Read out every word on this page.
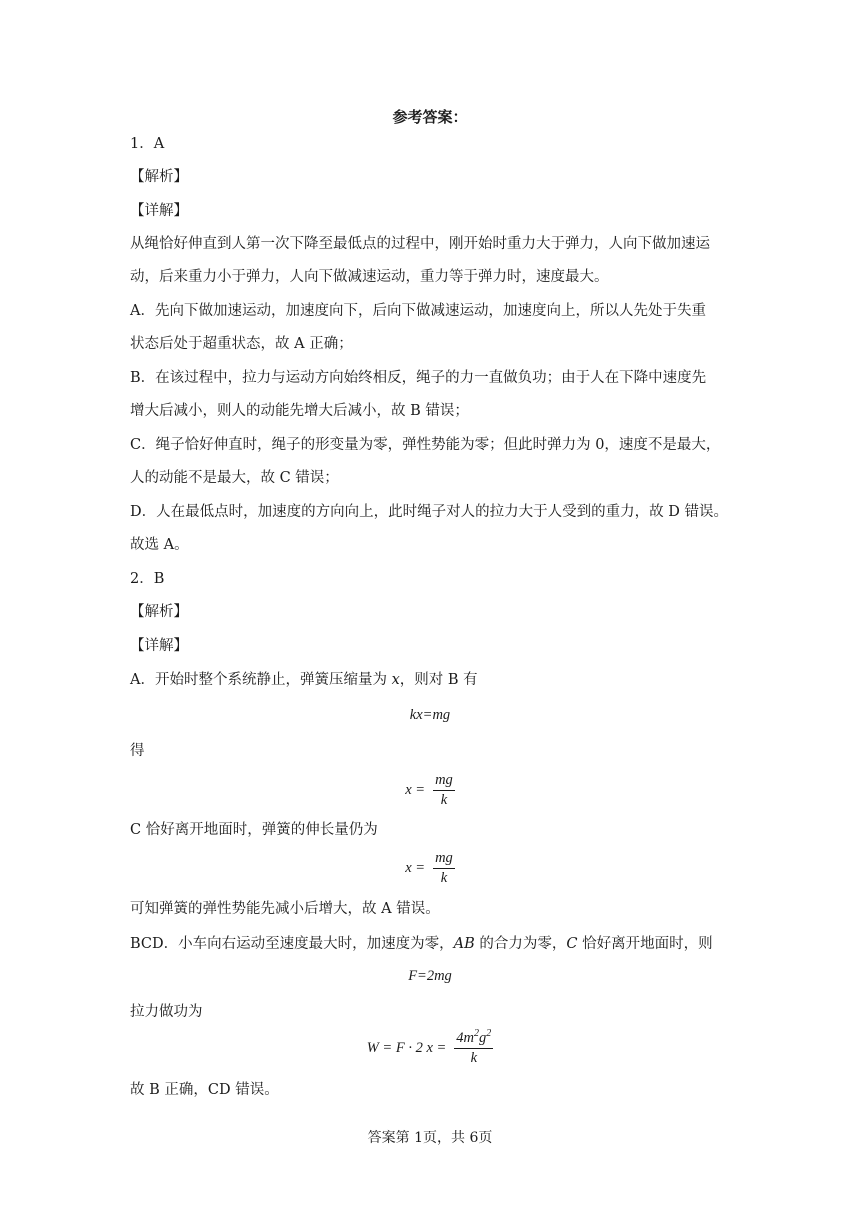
参考答案：
1．A
【解析】
【详解】
从绳恰好伸直到人第一次下降至最低点的过程中，刚开始时重力大于弹力，人向下做加速运
动，后来重力小于弹力，人向下做减速运动，重力等于弹力时，速度最大。
A．先向下做加速运动，加速度向下，后向下做减速运动，加速度向上，所以人先处于失重
状态后处于超重状态，故 A 正确；
B．在该过程中，拉力与运动方向始终相反，绳子的力一直做负功；由于人在下降中速度先
增大后减小，则人的动能先增大后减小，故 B 错误；
C．绳子恰好伸直时，绳子的形变量为零，弹性势能为零；但此时弹力为 0，速度不是最大，
人的动能不是最大，故 C 错误；
D．人在最低点时，加速度的方向向上，此时绳子对人的拉力大于人受到的重力，故 D 错误。
故选 A。
2．B
【解析】
【详解】
A．开始时整个系统静止，弹簧压缩量为 x，则对 B 有
kx=mg
得
$x = \frac{mg}{k}$
C 恰好离开地面时，弹簧的伸长量仍为
$x = \frac{mg}{k}$
可知弹簧的弹性势能先减小后增大，故 A 错误。
BCD．小车向右运动至速度最大时，加速度为零，AB 的合力为零，C 恰好离开地面时，则
F=2mg
拉力做功为
W = F · 2 $x = \frac{4m^2g^2}{k}$
故 B 正确，CD 错误。
答案第 1页，共 6页
